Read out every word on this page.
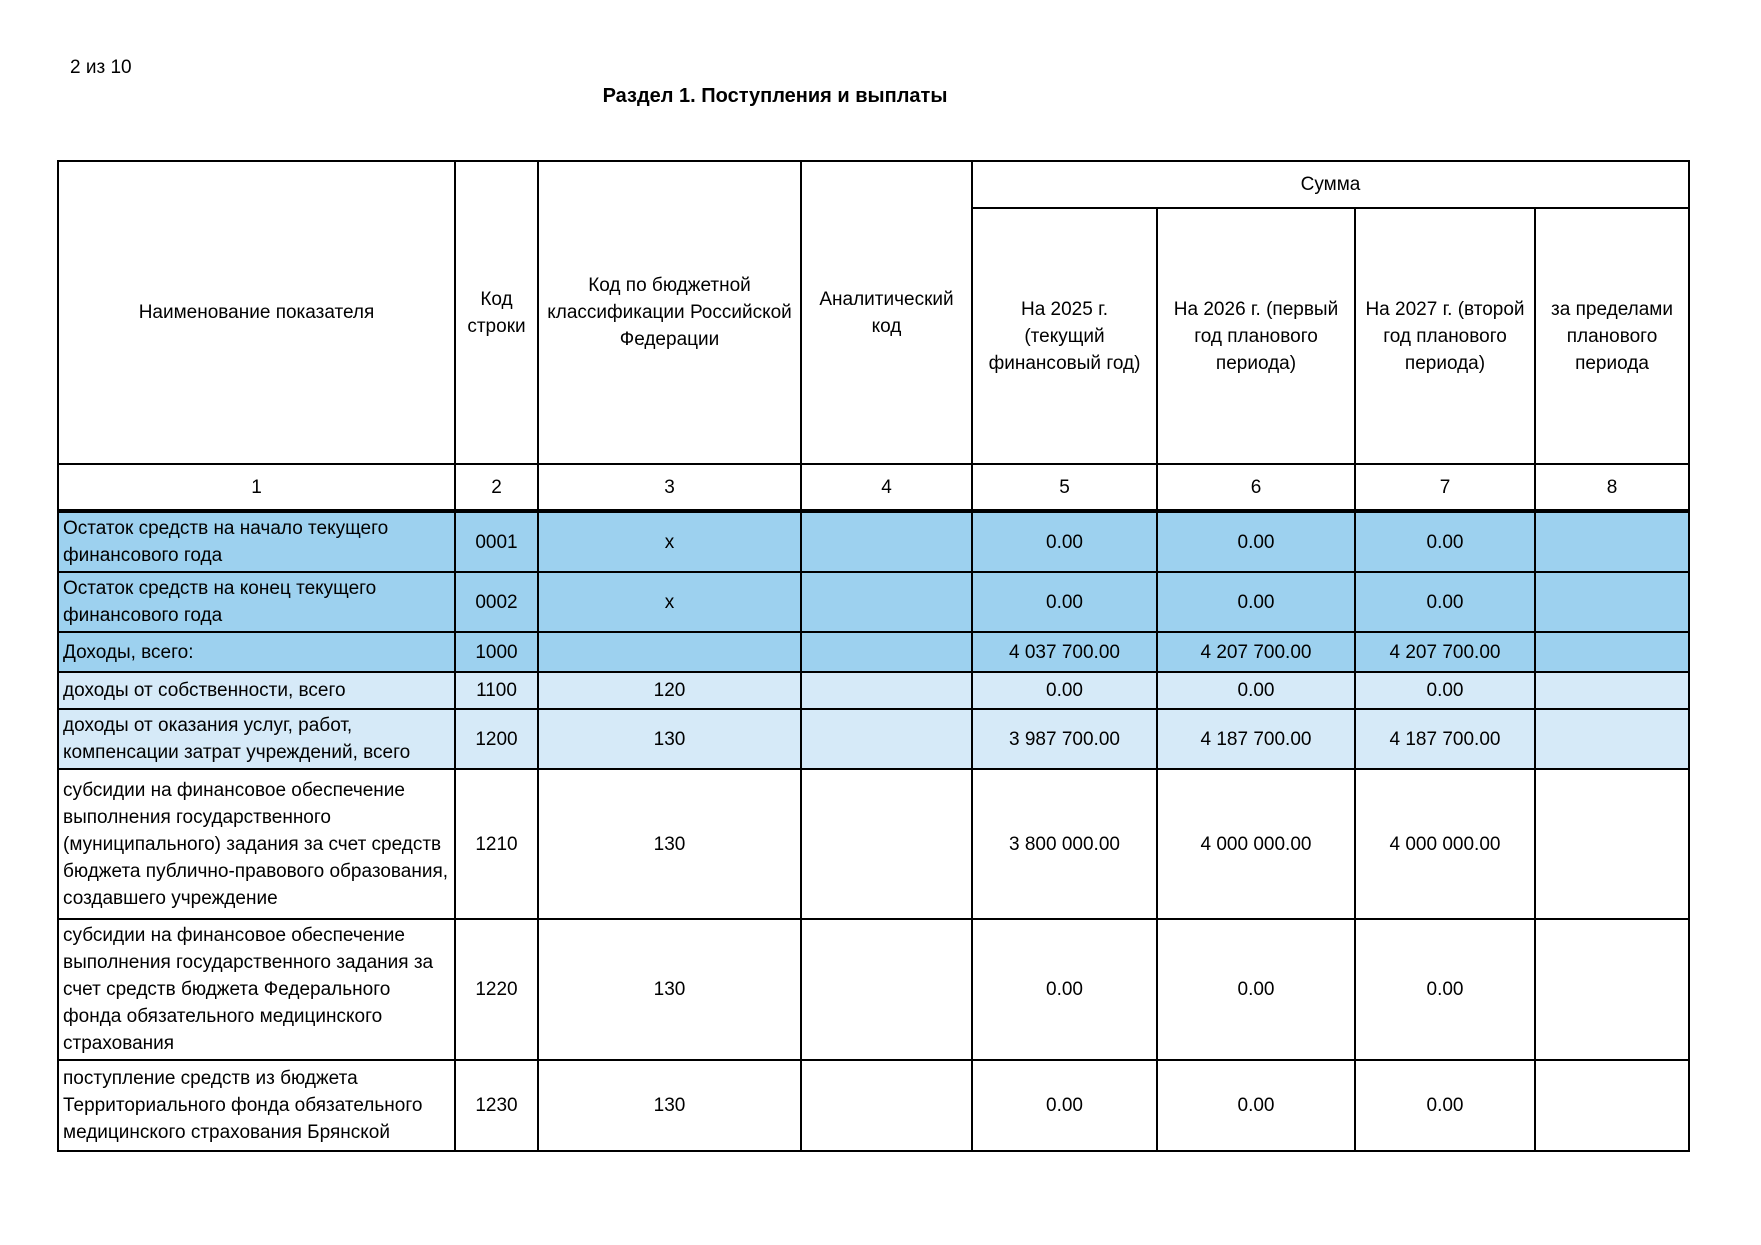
2 из 10
Раздел 1. Поступления и выплаты
Наименование показателя	Код строки	Код по бюджетной классификации Российской Федерации	Аналитический код	Сумма			
				На 2025 г. (текущий финансовый год)	На 2026 г. (первый год планового периода)	На 2027 г. (второй год планового периода)	за пределами планового периода
1	2	3	4	5	6	7	8
Остаток средств на начало текущего финансового года	0001	x		0.00	0.00	0.00	
Остаток средств на конец текущего финансового года	0002	x		0.00	0.00	0.00	
Доходы, всего:	1000			4 037 700.00	4 207 700.00	4 207 700.00	
доходы от собственности, всего	1100	120		0.00	0.00	0.00	
доходы от оказания услуг, работ, компенсации затрат учреждений, всего	1200	130		3 987 700.00	4 187 700.00	4 187 700.00	
субсидии на финансовое обеспечение выполнения государственного (муниципального) задания за счет средств бюджета публично-правового образования, создавшего учреждение	1210	130		3 800 000.00	4 000 000.00	4 000 000.00	
субсидии на финансовое обеспечение выполнения государственного задания за счет средств бюджета Федерального фонда обязательного медицинского страхования	1220	130		0.00	0.00	0.00	
поступление средств из бюджета Территориального фонда обязательного медицинского страхования Брянской	1230	130		0.00	0.00	0.00	
